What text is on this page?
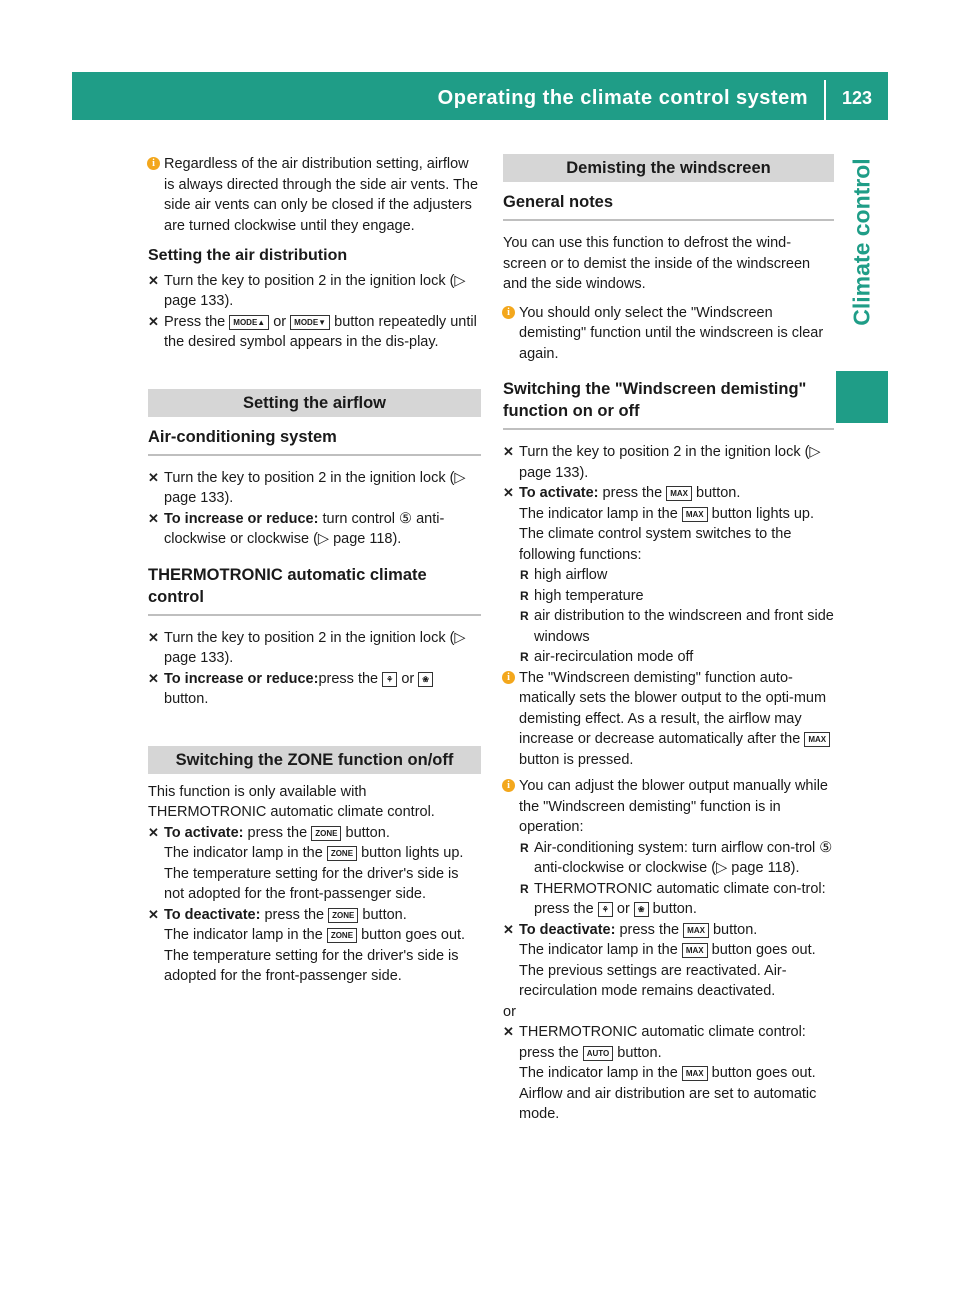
Operating the climate control system	123
Climate control

i Regardless of the air distribution setting, airflow is always directed through the side air vents. The side air vents can only be closed if the adjusters are turned clockwise until they engage.

Setting the air distribution

✕ Turn the key to position 2 in the ignition lock (▷ page 133).

✕ Press the MODE▲ or MODE▼ button repeatedly until the desired symbol appears in the dis-play.

Setting the airflow
Air-conditioning system

✕ Turn the key to position 2 in the ignition lock (▷ page 133).

✕ To increase or reduce: turn control ⑤ anti-clockwise or clockwise (▷ page 118).

THERMOTRONIC automatic climate control

✕ Turn the key to position 2 in the ignition lock (▷ page 133).

✕ To increase or reduce:press the ⚘ or ❀ button.

Switching the ZONE function on/off

This function is only available with THERMOTRONIC automatic climate control.

✕ To activate: press the ZONE button.
The indicator lamp in the ZONE button lights up.

The temperature setting for the driver's side is not adopted for the front-passenger side.

✕ To deactivate: press the ZONE button.
The indicator lamp in the ZONE button goes out.

The temperature setting for the driver's side is adopted for the front-passenger side.

Demisting the windscreen
General notes

You can use this function to defrost the wind-screen or to demist the inside of the windscreen and the side windows.

i You should only select the "Windscreen demisting" function until the windscreen is clear again.

Switching the "Windscreen demisting" function on or off

✕ Turn the key to position 2 in the ignition lock (▷ page 133).

✕ To activate: press the MAX button.
The indicator lamp in the MAX button lights up.

The climate control system switches to the following functions:

R high airflow

R high temperature

R air distribution to the windscreen and front side windows

R air-recirculation mode off

i The "Windscreen demisting" function auto-matically sets the blower output to the opti-mum demisting effect. As a result, the airflow may increase or decrease automatically after the MAX button is pressed.

i You can adjust the blower output manually while the "Windscreen demisting" function is in operation:

R Air-conditioning system: turn airflow con-trol ⑤ anti-clockwise or clockwise (▷ page 118).

R THERMOTRONIC automatic climate con-trol: press the ⚘ or ❀ button.

✕ To deactivate: press the MAX button.
The indicator lamp in the MAX button goes out. The previous settings are reactivated. Air-recirculation mode remains deactivated.

or

✕ THERMOTRONIC automatic climate control: press the AUTO button.
The indicator lamp in the MAX button goes out. Airflow and air distribution are set to automatic mode.
